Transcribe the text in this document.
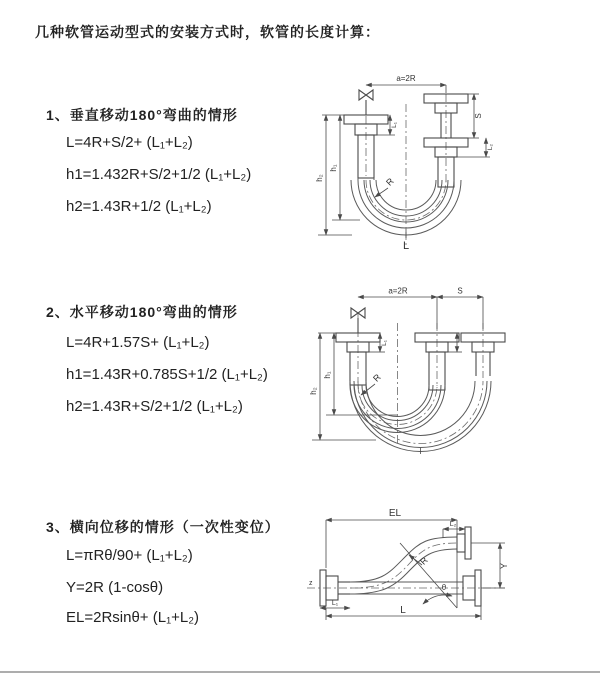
几种软管运动型式的安装方式时，软管的长度计算：
1、垂直移动180°弯曲的情形
L=4R+S/2+ (L₁+L₂)
h1=1.432R+S/2+1/2 (L₁+L₂)
h2=1.43R+1/2 (L₁+L₂)
a=2R
h₁
h₂
L₁
S
L₂
R
L
2、水平移动180°弯曲的情形
L=4R+1.57S+ (L₁+L₂)
h1=1.43R+0.785S+1/2 (L₁+L₂)
h2=1.43R+S/2+1/2 (L₁+L₂)
a=2R	S
h₁
h₂
L₁
R
3、横向位移的情形（一次性变位）
L=πRθ/90+ (L₁+L₂)
Y=2R (1-cosθ)
EL=2Rsinθ+ (L₁+L₂)
EL
L₂
Y
θ
R
L₁
L
z
